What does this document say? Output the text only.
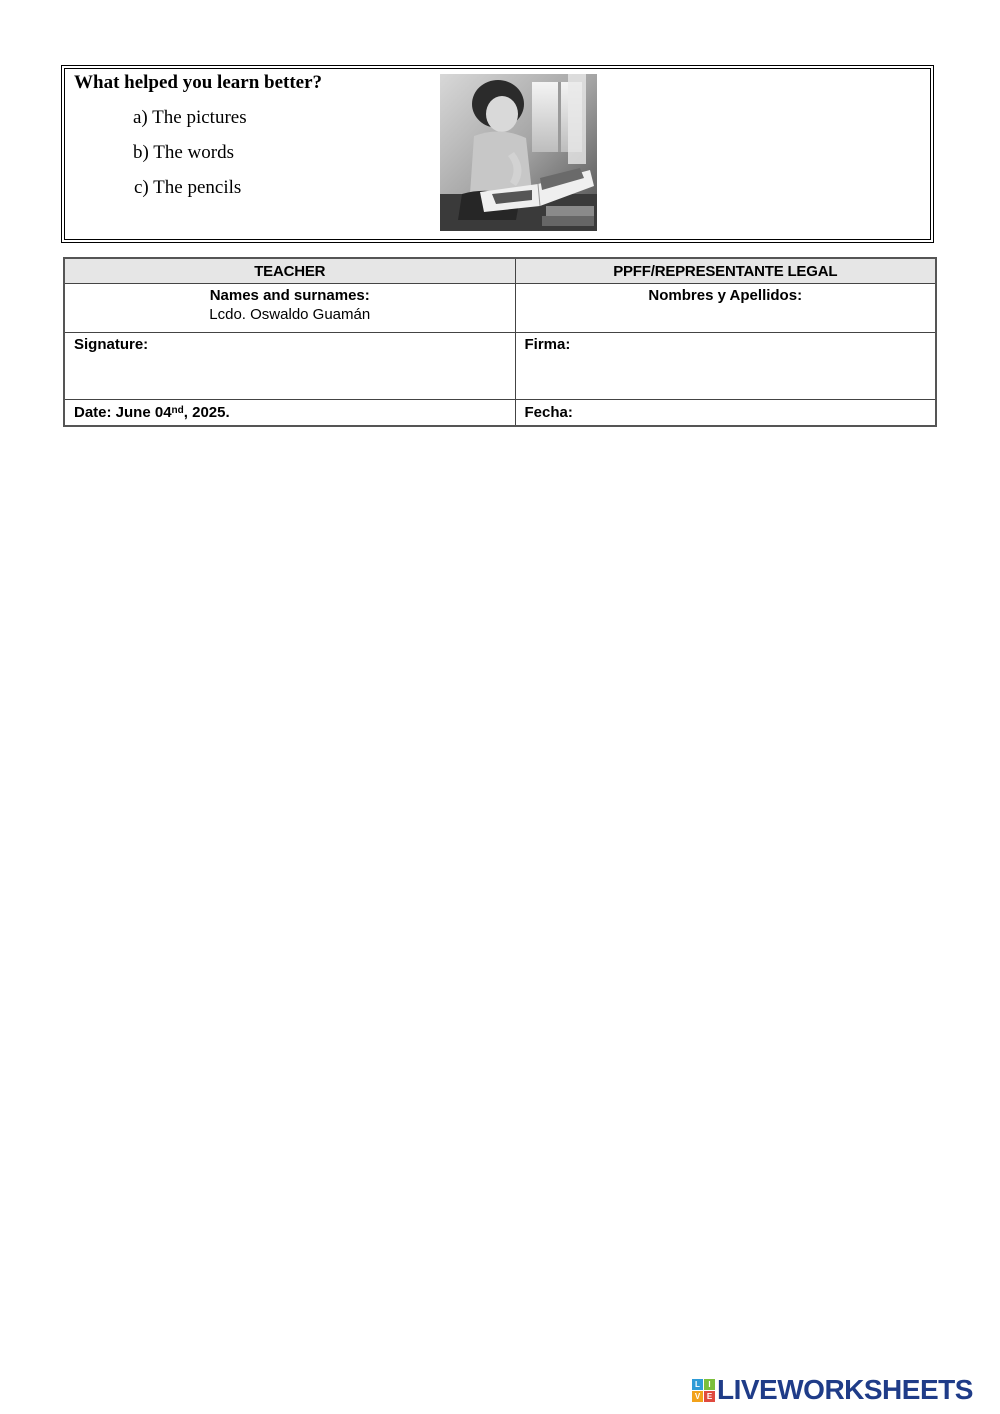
What helped you learn better?

a) The pictures
b) The words
c) The pencils
TEACHER	PPFF/REPRESENTANTE LEGAL

Names and surnames:
Lcdo. Oswaldo Guamán	Nombres y Apellidos:

Signature:	Firma:
Date: June 04nd, 2025.	Fecha:
L	I
V E LIVEWORKSHEETS
